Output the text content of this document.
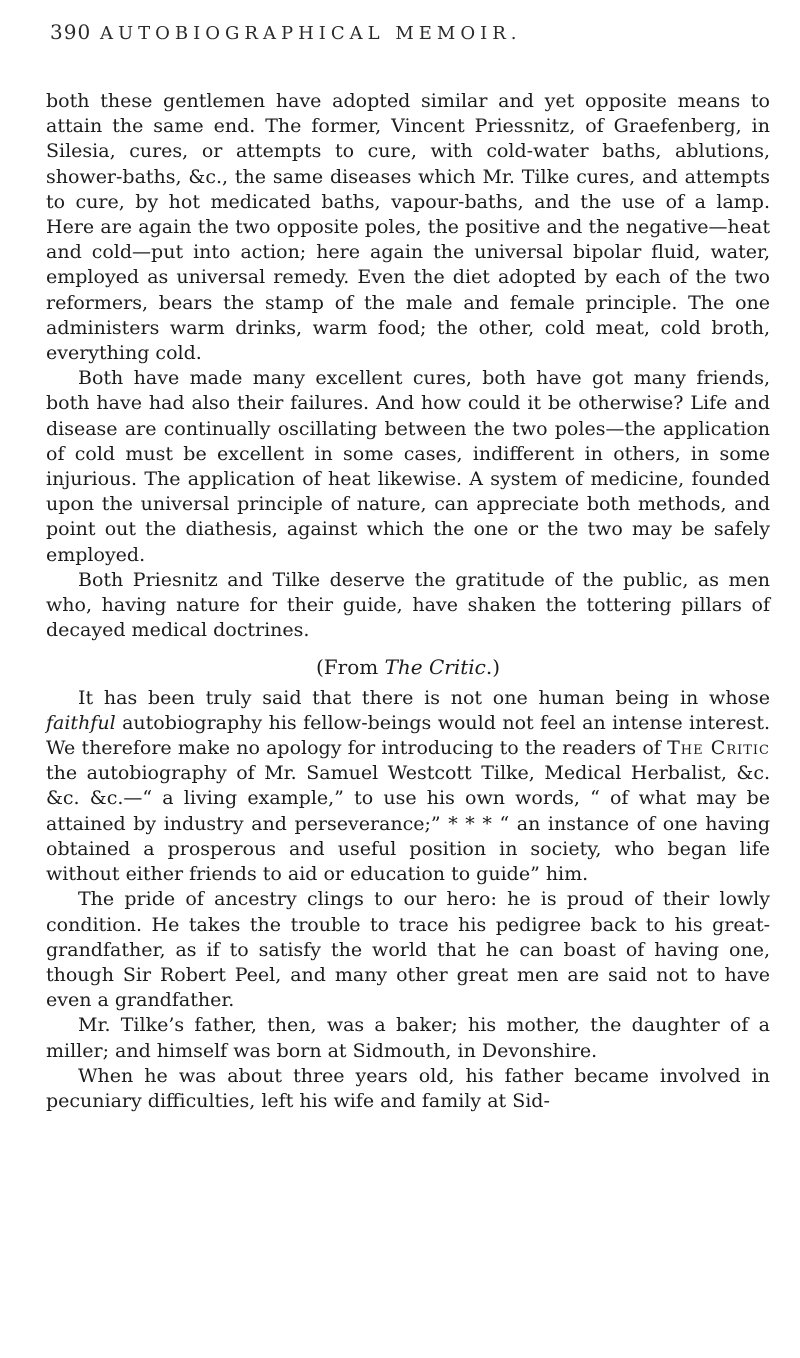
390 AUTOBIOGRAPHICAL MEMOIR.

both these gentlemen have adopted similar and yet opposite means to attain the same end. The former, Vincent Priessnitz, of Graefenberg, in Silesia, cures, or attempts to cure, with cold-water baths, ablutions, shower-baths, &c., the same diseases which Mr. Tilke cures, and attempts to cure, by hot medicated baths, vapour-baths, and the use of a lamp. Here are again the two opposite poles, the positive and the negative—heat and cold—put into action; here again the universal bipolar fluid, water, employed as universal remedy. Even the diet adopted by each of the two reformers, bears the stamp of the male and female principle. The one administers warm drinks, warm food; the other, cold meat, cold broth, everything cold.

Both have made many excellent cures, both have got many friends, both have had also their failures. And how could it be otherwise? Life and disease are continually oscillating between the two poles—the application of cold must be excellent in some cases, indifferent in others, in some injurious. The application of heat likewise. A system of medicine, founded upon the universal principle of nature, can appreciate both methods, and point out the diathesis, against which the one or the two may be safely employed.

Both Priesnitz and Tilke deserve the gratitude of the public, as men who, having nature for their guide, have shaken the tottering pillars of decayed medical doctrines.

(From The Critic.)

It has been truly said that there is not one human being in whose faithful autobiography his fellow-beings would not feel an intense interest. We therefore make no apology for introducing to the readers of The Critic the autobiography of Mr. Samuel Westcott Tilke, Medical Herbalist, &c. &c. &c.—“ a living example,” to use his own words, “ of what may be attained by industry and perseverance;” * * * “ an instance of one having obtained a prosperous and useful position in society, who began life without either friends to aid or education to guide” him.

The pride of ancestry clings to our hero: he is proud of their lowly condition. He takes the trouble to trace his pedigree back to his great-grandfather, as if to satisfy the world that he can boast of having one, though Sir Robert Peel, and many other great men are said not to have even a grandfather.

Mr. Tilke’s father, then, was a baker; his mother, the daughter of a miller; and himself was born at Sidmouth, in Devonshire.

When he was about three years old, his father became involved in pecuniary difficulties, left his wife and family at Sid-
